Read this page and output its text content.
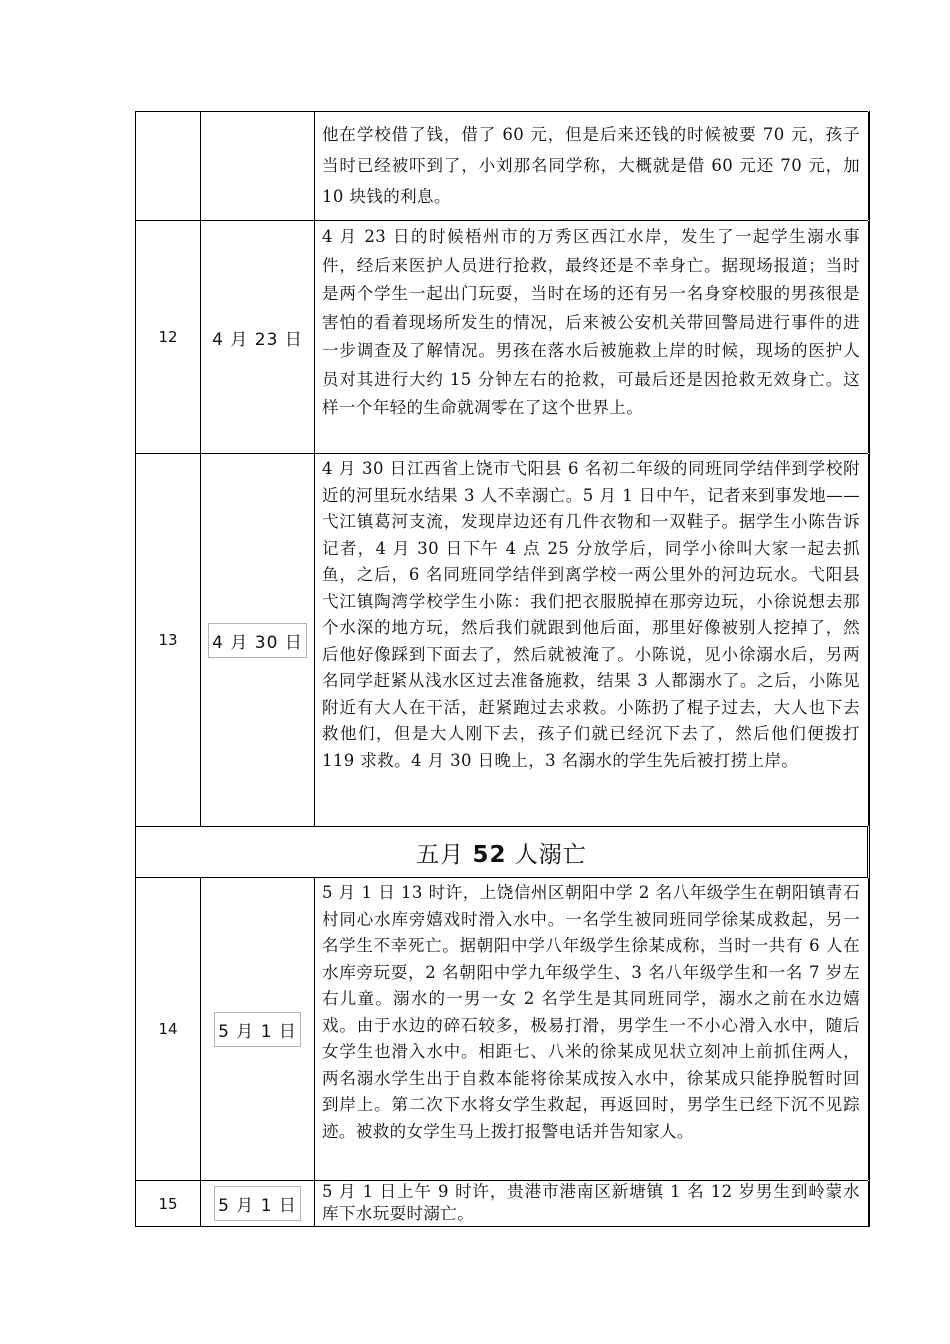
他在学校借了钱，借了 60 元，但是后来还钱的时候被要 70 元，孩子当时已经被吓到了，小刘那名同学称，大概就是借 60 元还 70 元，加 10 块钱的利息。
12 4 月 23 日
4 月 23 日的时候梧州市的万秀区西江水岸，发生了一起学生溺水事件，经后来医护人员进行抢救，最终还是不幸身亡。据现场报道；当时是两个学生一起出门玩耍，当时在场的还有另一名身穿校服的男孩很是害怕的看着现场所发生的情况，后来被公安机关带回警局进行事件的进一步调查及了解情况。男孩在落水后被施救上岸的时候，现场的医护人员对其进行大约 15 分钟左右的抢救，可最后还是因抢救无效身亡。这样一个年轻的生命就凋零在了这个世界上。
13 4 月 30 日
4 月 30 日江西省上饶市弋阳县 6 名初二年级的同班同学结伴到学校附近的河里玩水结果 3 人不幸溺亡。5 月 1 日中午，记者来到事发地——弋江镇葛河支流，发现岸边还有几件衣物和一双鞋子。据学生小陈告诉记者，4 月 30 日下午 4 点 25 分放学后，同学小徐叫大家一起去抓鱼，之后，6 名同班同学结伴到离学校一两公里外的河边玩水。弋阳县弋江镇陶湾学校学生小陈：我们把衣服脱掉在那旁边玩，小徐说想去那个水深的地方玩，然后我们就跟到他后面，那里好像被别人挖掉了，然后他好像踩到下面去了，然后就被淹了。小陈说，见小徐溺水后，另两名同学赶紧从浅水区过去准备施救，结果 3 人都溺水了。之后，小陈见附近有大人在干活，赶紧跑过去求救。小陈扔了棍子过去，大人也下去救他们，但是大人刚下去，孩子们就已经沉下去了，然后他们便拨打 119 求救。4 月 30 日晚上，3 名溺水的学生先后被打捞上岸。
五月 52 人溺亡
14 5 月 1 日
5 月 1 日 13 时许，上饶信州区朝阳中学 2 名八年级学生在朝阳镇青石村同心水库旁嬉戏时滑入水中。一名学生被同班同学徐某成救起，另一名学生不幸死亡。据朝阳中学八年级学生徐某成称，当时一共有 6 人在水库旁玩耍，2 名朝阳中学九年级学生、3 名八年级学生和一名 7 岁左右儿童。溺水的一男一女 2 名学生是其同班同学，溺水之前在水边嬉戏。由于水边的碎石较多，极易打滑，男学生一不小心滑入水中，随后女学生也滑入水中。相距七、八米的徐某成见状立刻冲上前抓住两人，两名溺水学生出于自救本能将徐某成按入水中，徐某成只能挣脱暂时回到岸上。第二次下水将女学生救起，再返回时，男学生已经下沉不见踪迹。被救的女学生马上拨打报警电话并告知家人。
15 5 月 1 日
5 月 1 日上午 9 时许，贵港市港南区新塘镇 1 名 12 岁男生到岭蒙水库下水玩耍时溺亡。
